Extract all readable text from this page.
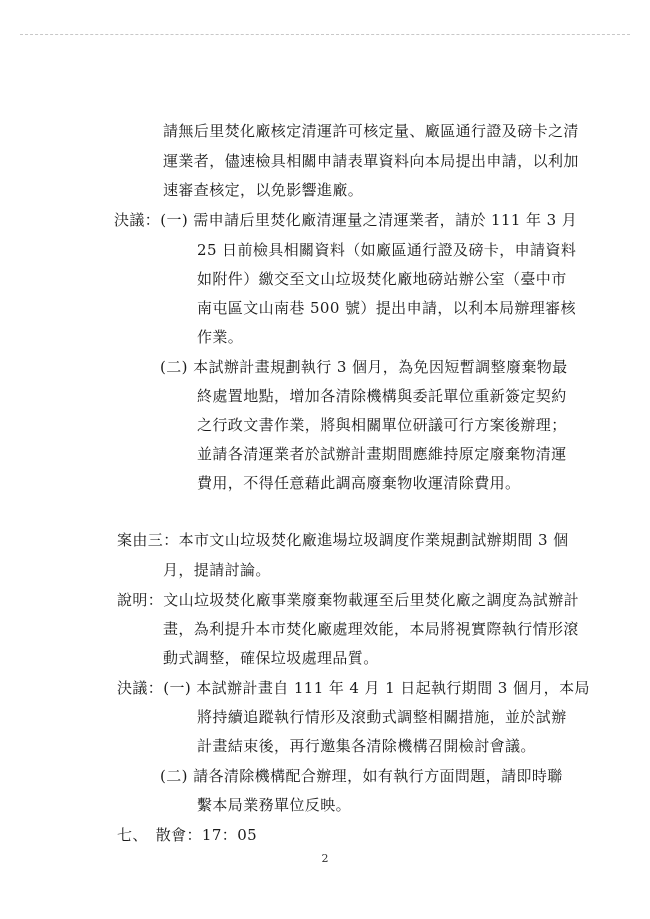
請無后里焚化廠核定清運許可核定量、廠區通行證及磅卡之清
運業者，儘速檢具相關申請表單資料向本局提出申請，以利加
速審查核定，以免影響進廠。
決議：(一) 需申請后里焚化廠清運量之清運業者，請於 111 年 3 月
25 日前檢具相關資料（如廠區通行證及磅卡，申請資料
如附件）繳交至文山垃圾焚化廠地磅站辦公室（臺中市
南屯區文山南巷 500 號）提出申請，以利本局辦理審核
作業。
(二) 本試辦計畫規劃執行 3 個月，為免因短暫調整廢棄物最
終處置地點，增加各清除機構與委託單位重新簽定契約
之行政文書作業，將與相關單位研議可行方案後辦理；
並請各清運業者於試辦計畫期間應維持原定廢棄物清運
費用，不得任意藉此調高廢棄物收運清除費用。
案由三：本市文山垃圾焚化廠進場垃圾調度作業規劃試辦期間 3 個
月，提請討論。
說明：文山垃圾焚化廠事業廢棄物載運至后里焚化廠之調度為試辦計
畫，為利提升本市焚化廠處理效能，本局將視實際執行情形滾
動式調整，確保垃圾處理品質。
決議：(一) 本試辦計畫自 111 年 4 月 1 日起執行期間 3 個月，本局
將持續追蹤執行情形及滾動式調整相關措施，並於試辦
計畫結束後，再行邀集各清除機構召開檢討會議。
(二) 請各清除機構配合辦理，如有執行方面問題，請即時聯
繫本局業務單位反映。
七、　散會：17：05
2
